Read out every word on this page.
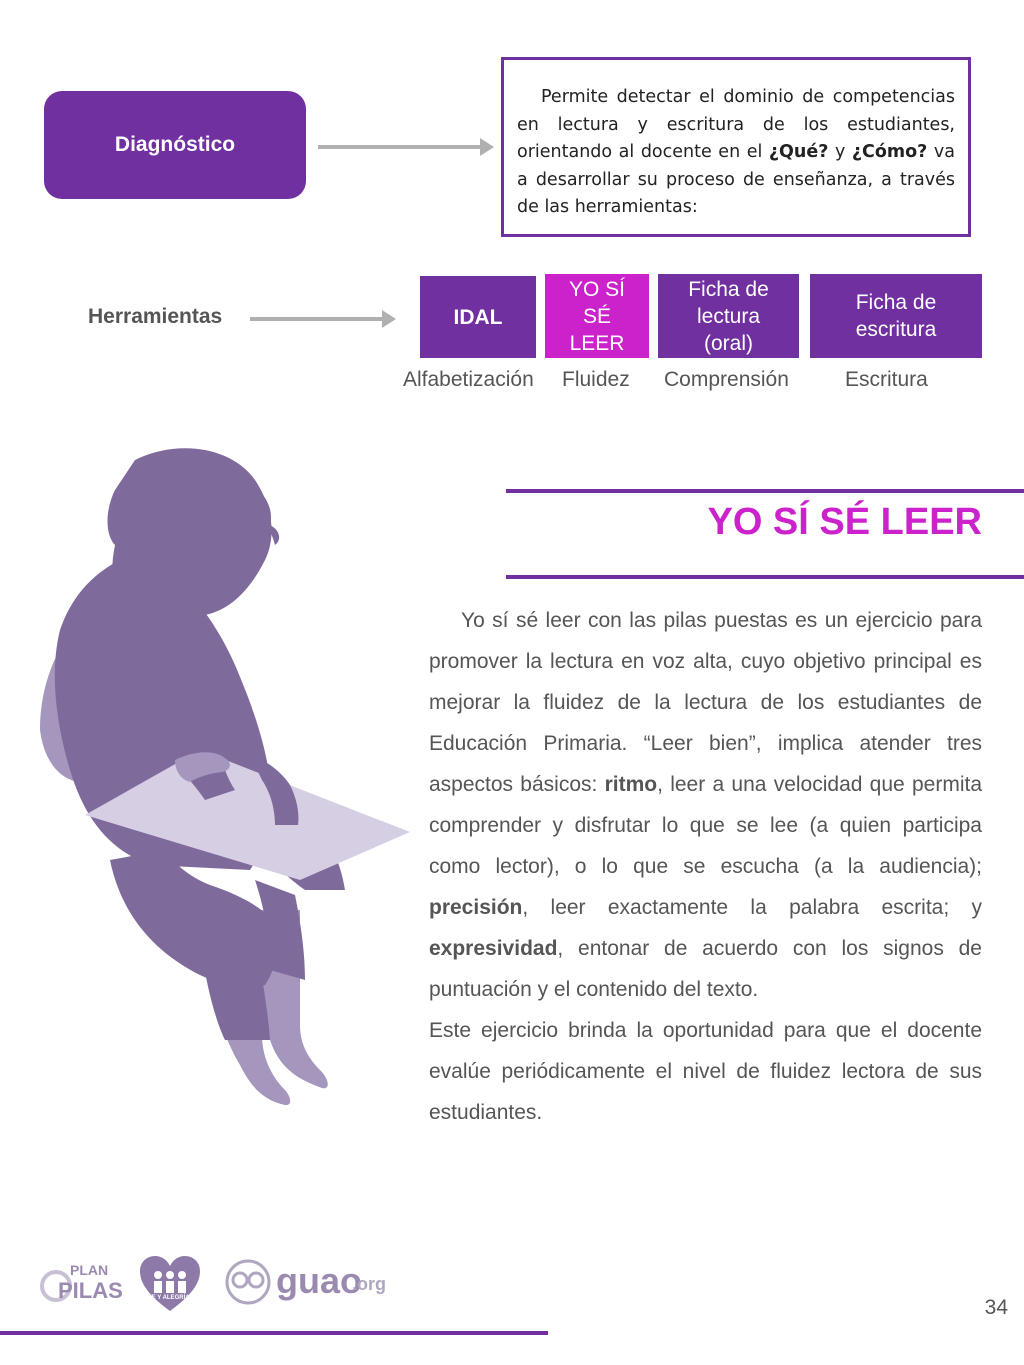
Diagnóstico
Permite detectar el dominio de competencias en lectura y escritura de los estudiantes, orientando al docente en el ¿Qué? y ¿Cómo? va a desarrollar su proceso de enseñanza, a través de las herramientas:
Herramientas	IDAL
YO SÍ SÉ LEER
Ficha de lectura (oral)
Ficha de escritura
Alfabetización Fluidez Comprensión	Escritura
YO SÍ SÉ LEER

Yo sí sé leer con las pilas puestas es un ejercicio para promover la lectura en voz alta, cuyo objetivo principal es mejorar la fluidez de la lectura de los estudiantes de Educación Primaria. “Leer bien”, implica atender tres aspectos básicos: ritmo, leer a una velocidad que permita comprender y disfrutar lo que se lee (a quien participa como lector), o lo que se escucha (a la audiencia); precisión, leer exactamente la palabra escrita; y expresividad, entonar de acuerdo con los signos de puntuación y el contenido del texto.

Este ejercicio brinda la oportunidad para que el docente evalúe periódicamente el nivel de fluidez lectora de sus estudiantes.

PLAN
PILAS	FE Y ALEGRÍA guao
.org
34
